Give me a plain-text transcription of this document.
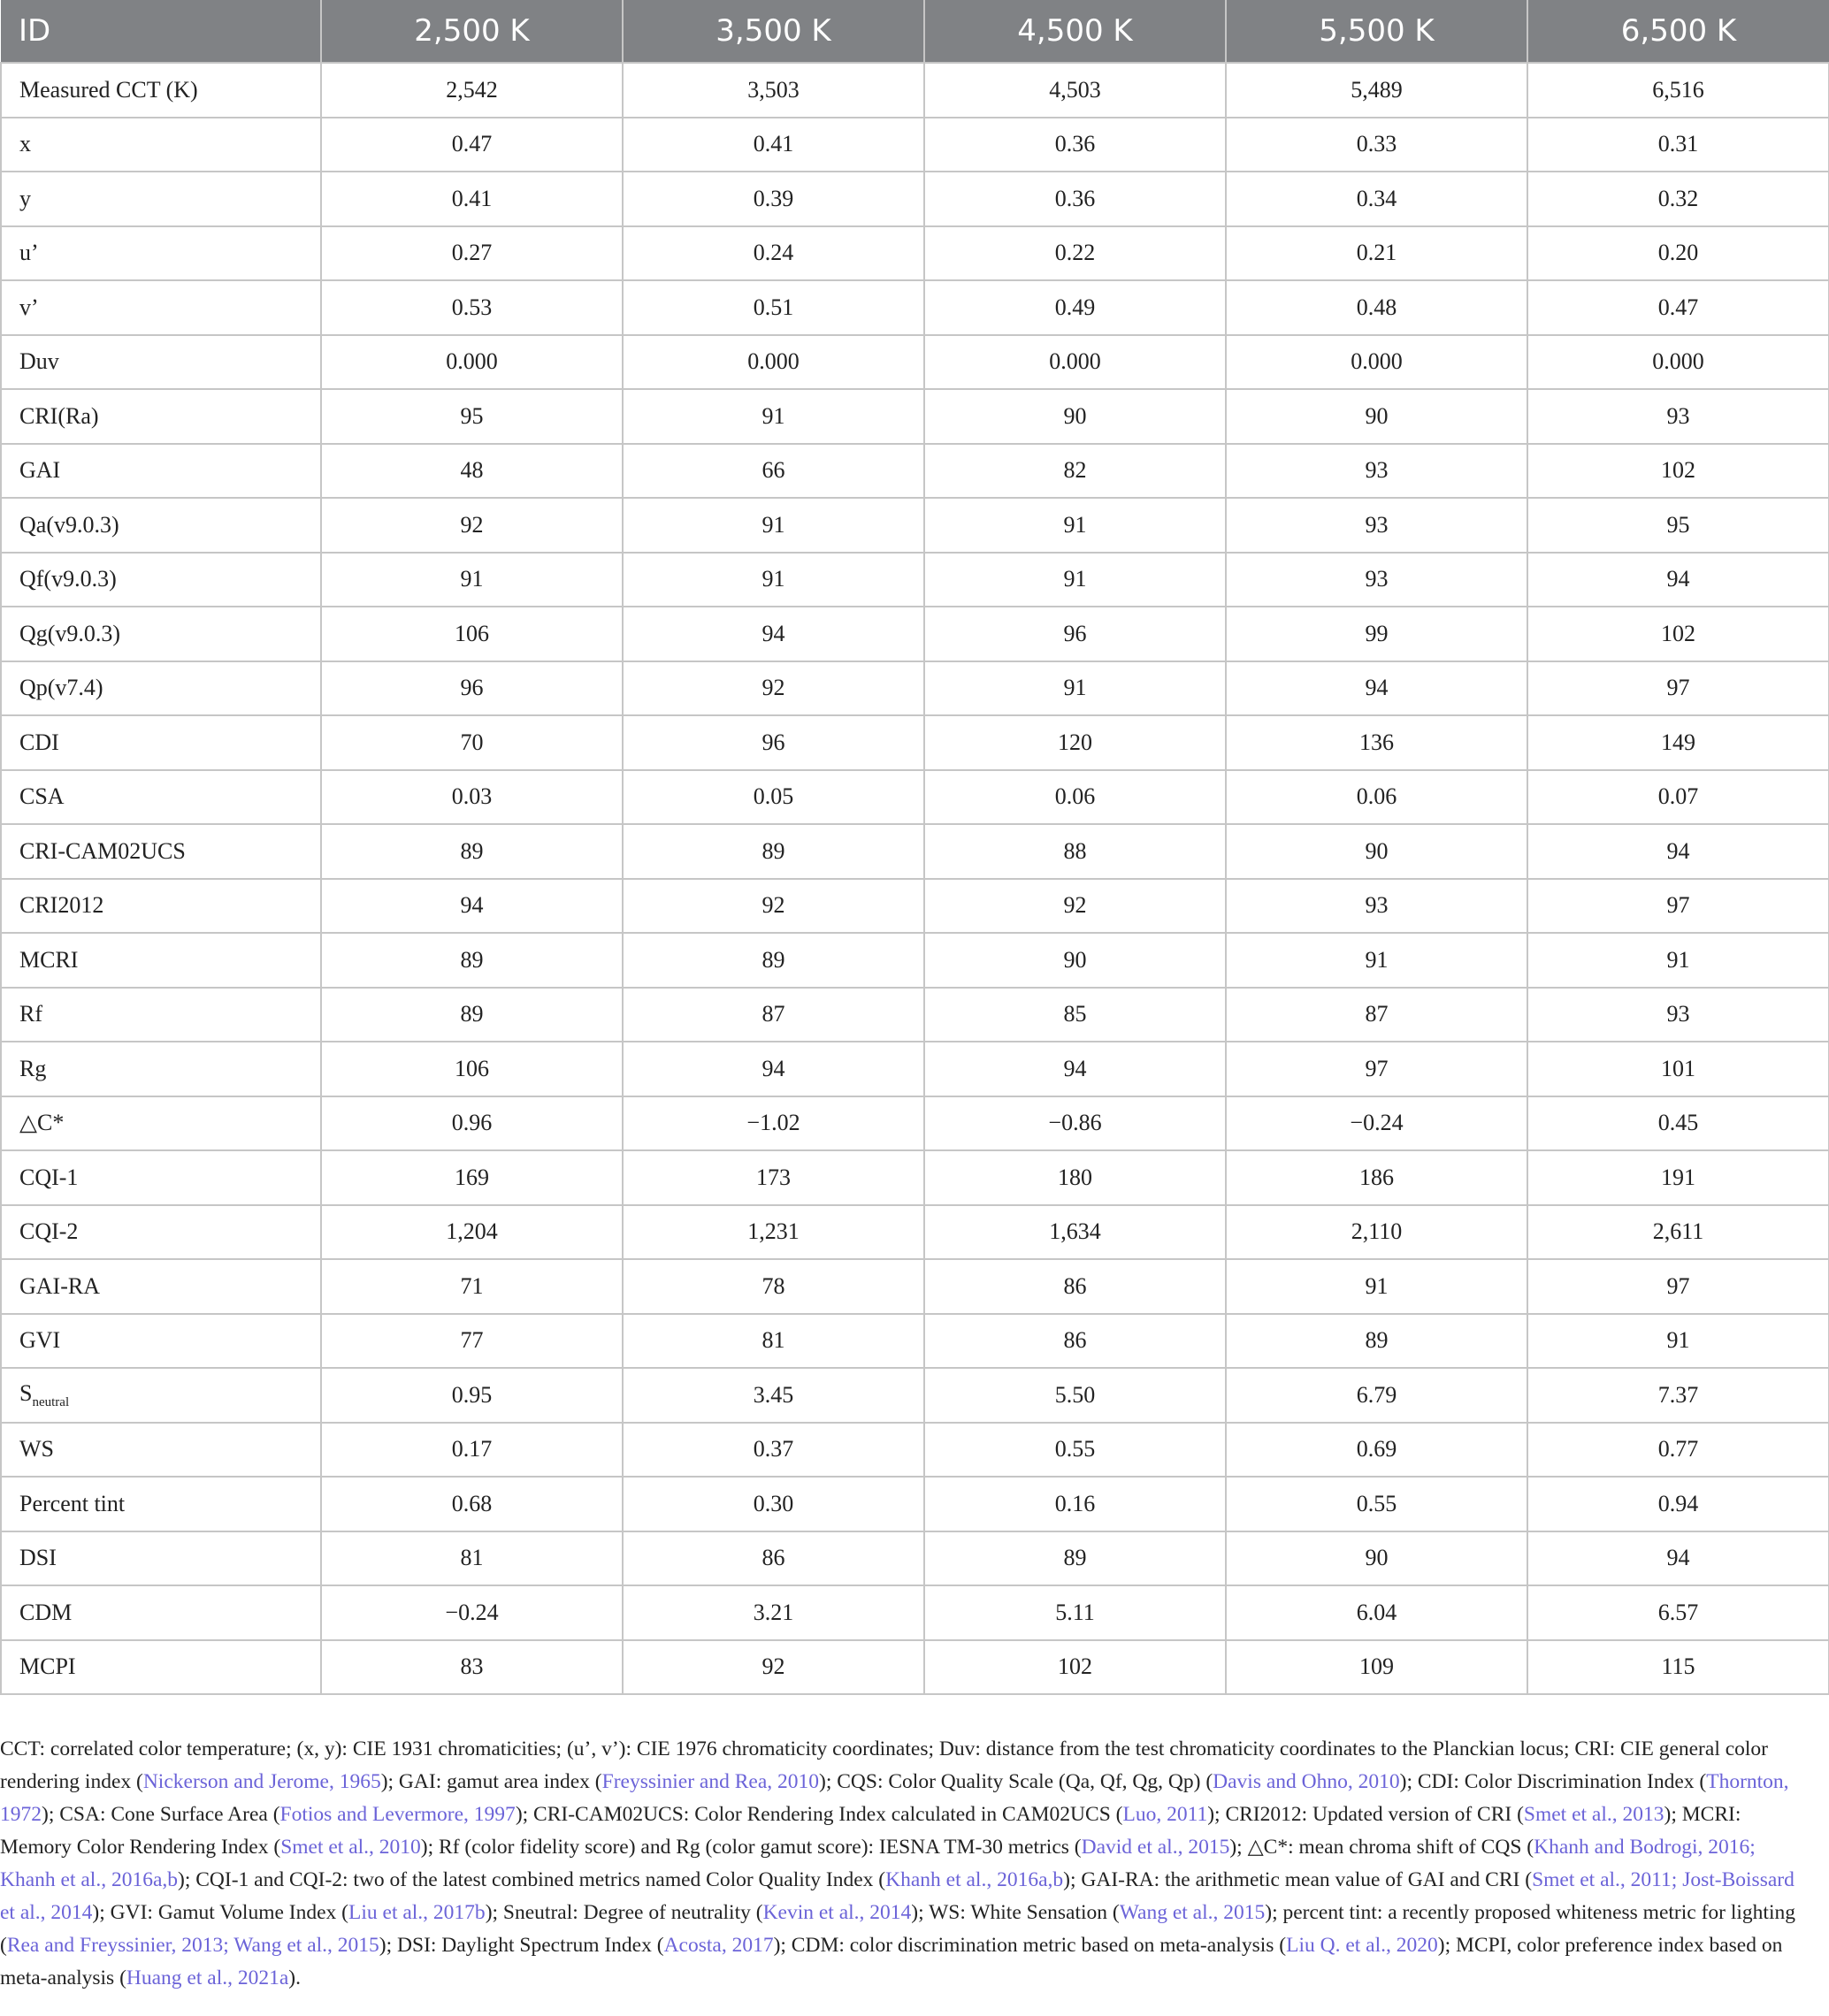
ID	2,500 K	3,500 K	4,500 K	5,500 K	6,500 K
Measured CCT (K)	2,542	3,503	4,503	5,489	6,516
x	0.47	0.41	0.36	0.33	0.31
y	0.41	0.39	0.36	0.34	0.32
u’	0.27	0.24	0.22	0.21	0.20
v’	0.53	0.51	0.49	0.48	0.47
Duv	0.000	0.000	0.000	0.000	0.000
CRI(Ra)	95	91	90	90	93
GAI	48	66	82	93	102
Qa(v9.0.3)	92	91	91	93	95
Qf(v9.0.3)	91	91	91	93	94
Qg(v9.0.3)	106	94	96	99	102
Qp(v7.4)	96	92	91	94	97
CDI	70	96	120	136	149
CSA	0.03	0.05	0.06	0.06	0.07
CRI-CAM02UCS	89	89	88	90	94
CRI2012	94	92	92	93	97
MCRI	89	89	90	91	91
Rf	89	87	85	87	93
Rg	106	94	94	97	101
△C*	0.96	−1.02	−0.86	−0.24	0.45
CQI-1	169	173	180	186	191
CQI-2	1,204	1,231	1,634	2,110	2,611
GAI-RA	71	78	86	91	97
GVI	77	81	86	89	91
$S_{neutral}$	0.95	3.45	5.50	6.79	7.37
WS	0.17	0.37	0.55	0.69	0.77
Percent tint	0.68	0.30	0.16	0.55	0.94
DSI	81	86	89	90	94
CDM	−0.24	3.21	5.11	6.04	6.57
MCPI	83	92	102	109	115
CCT: correlated color temperature; (x, y): CIE 1931 chromaticities; (u’, v’): CIE 1976 chromaticity coordinates; Duv: distance from the test chromaticity coordinates to the Planckian locus; CRI: CIE general color rendering index (Nickerson and Jerome, 1965); GAI: gamut area index (Freyssinier and Rea, 2010); CQS: Color Quality Scale (Qa, Qf, Qg, Qp) (Davis and Ohno, 2010); CDI: Color Discrimination Index (Thornton, 1972); CSA: Cone Surface Area (Fotios and Levermore, 1997); CRI-CAM02UCS: Color Rendering Index calculated in CAM02UCS (Luo, 2011); CRI2012: Updated version of CRI (Smet et al., 2013); MCRI: Memory Color Rendering Index (Smet et al., 2010); Rf (color fidelity score) and Rg (color gamut score): IESNA TM-30 metrics (David et al., 2015); △C*: mean chroma shift of CQS (Khanh and Bodrogi, 2016; Khanh et al., 2016a,b); CQI-1 and CQI-2: two of the latest combined metrics named Color Quality Index (Khanh et al., 2016a,b); GAI-RA: the arithmetic mean value of GAI and CRI (Smet et al., 2011; Jost-Boissard et al., 2014); GVI: Gamut Volume Index (Liu et al., 2017b); Sneutral: Degree of neutrality (Kevin et al., 2014); WS: White Sensation (Wang et al., 2015); percent tint: a recently proposed whiteness metric for lighting (Rea and Freyssinier, 2013; Wang et al., 2015); DSI: Daylight Spectrum Index (Acosta, 2017); CDM: color discrimination metric based on meta-analysis (Liu Q. et al., 2020); MCPI, color preference index based on meta-analysis (Huang et al., 2021a).
